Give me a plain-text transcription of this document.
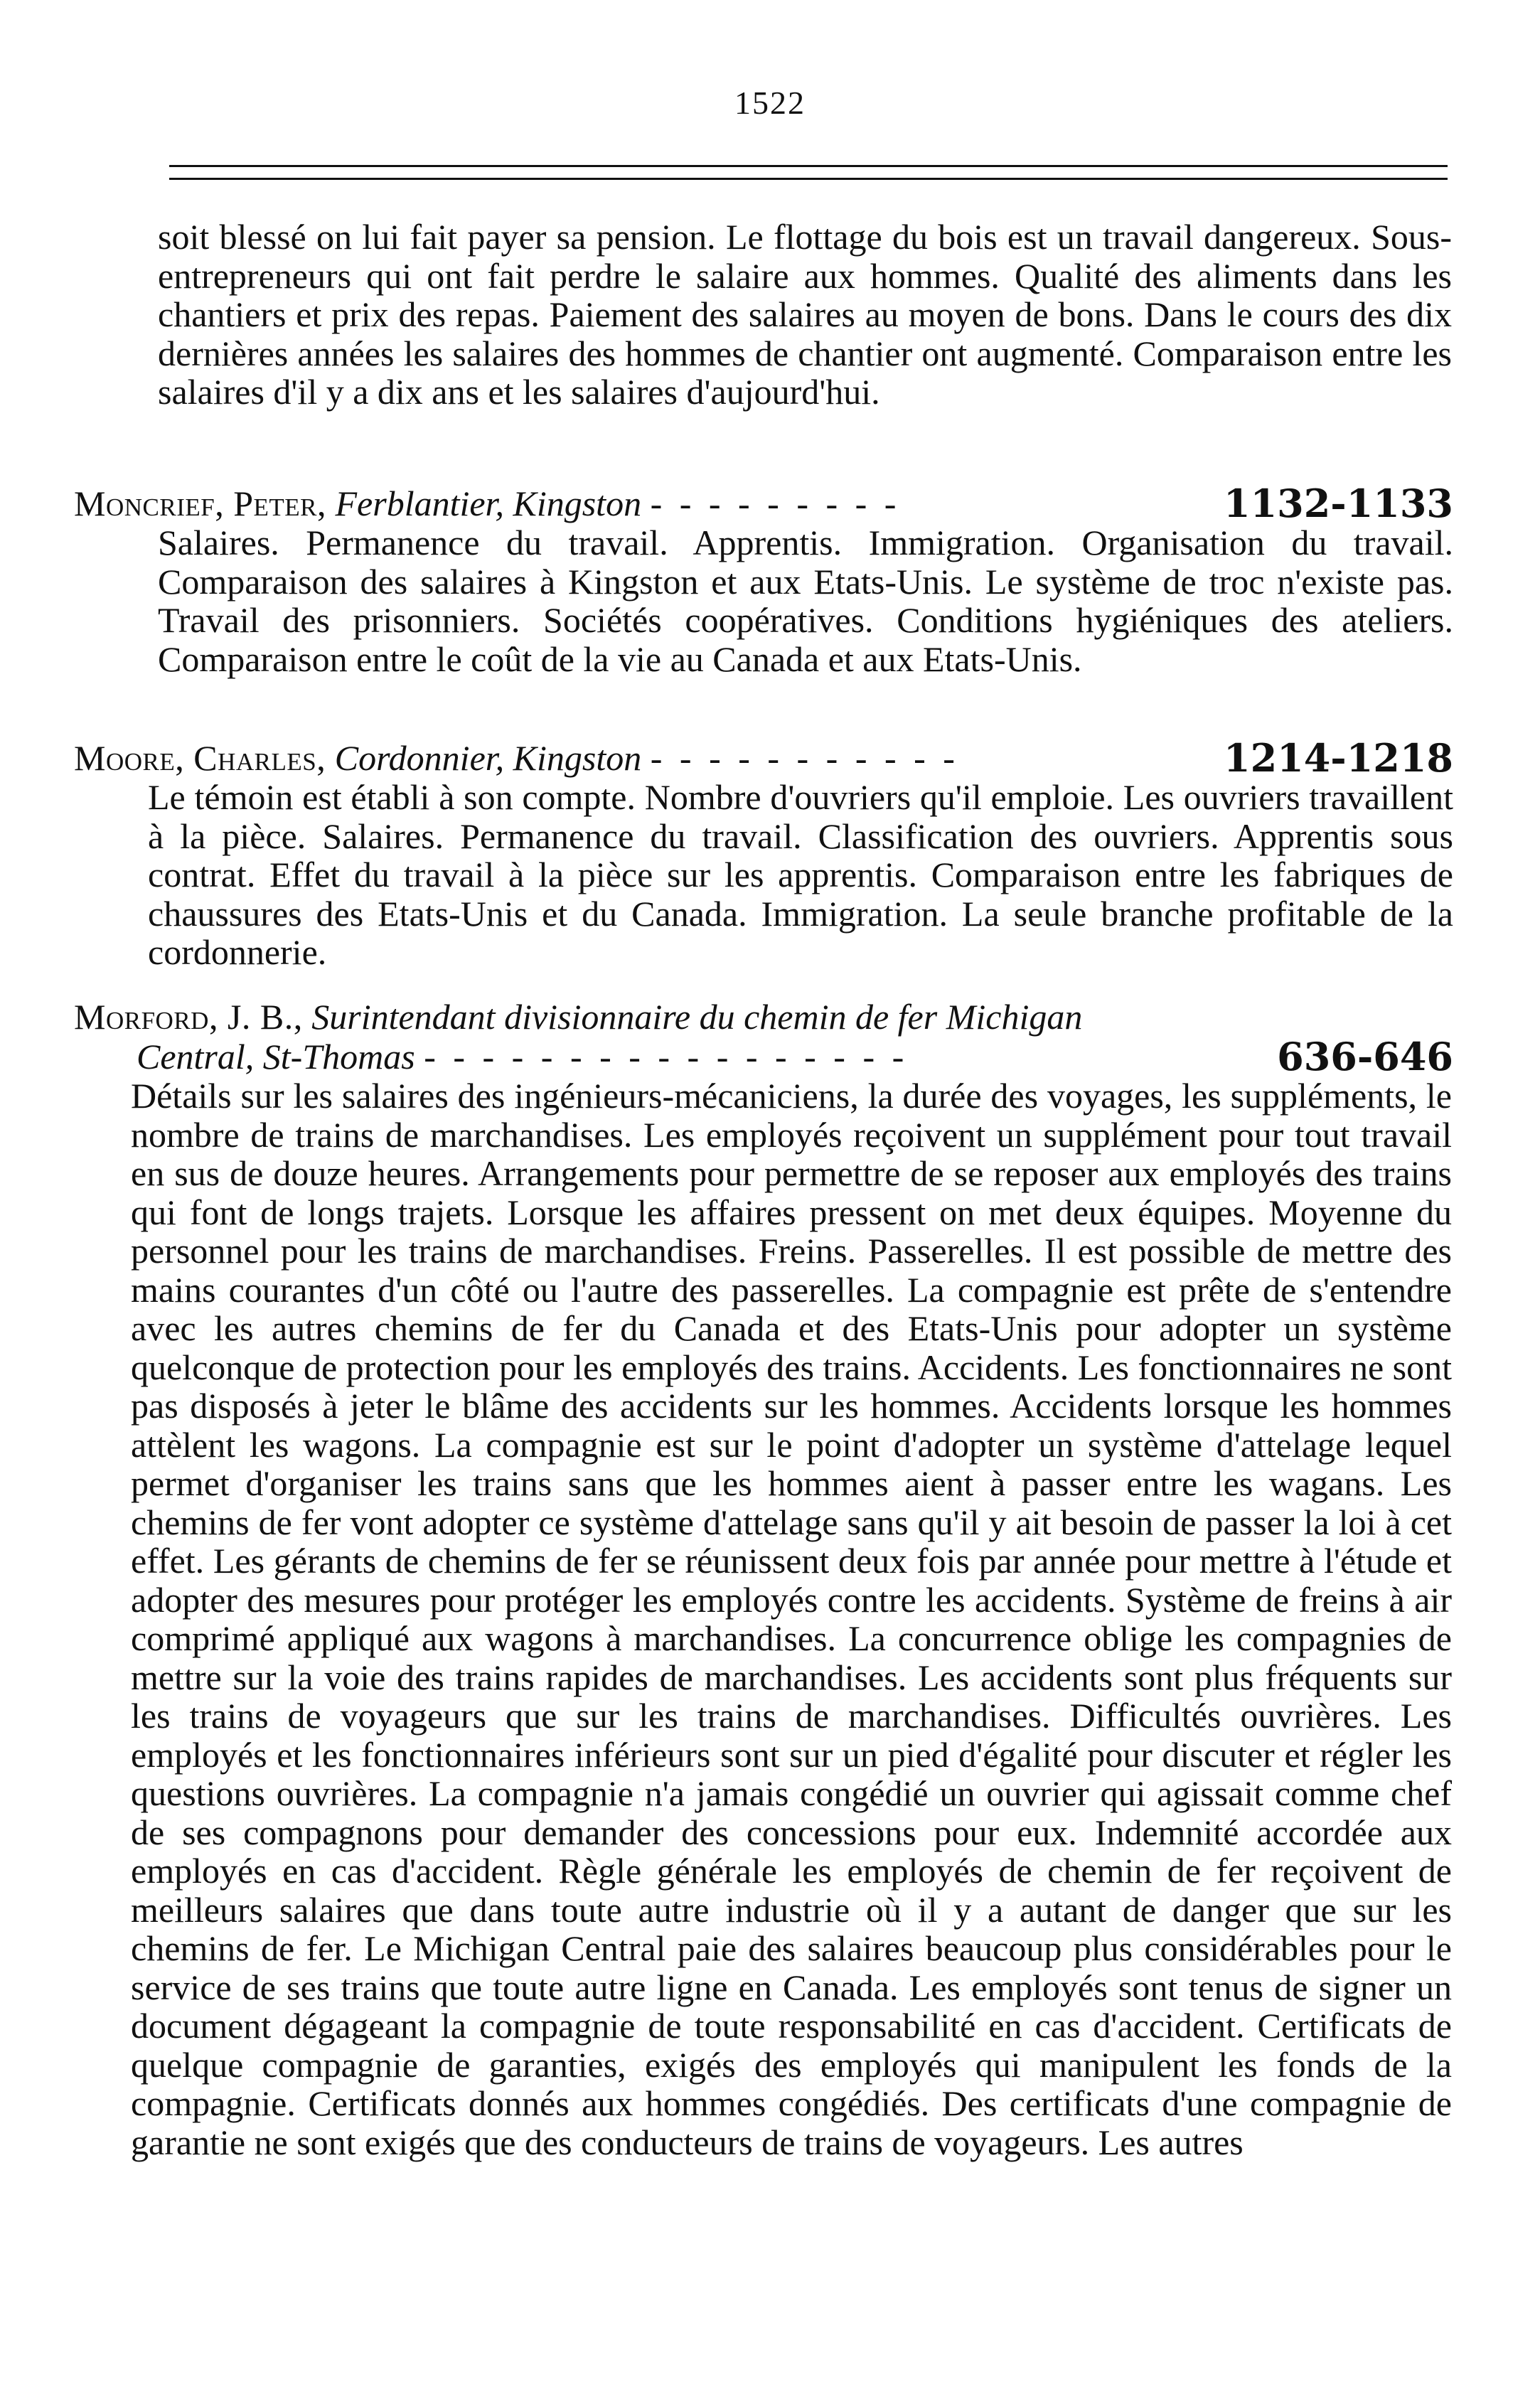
1522
soit blessé on lui fait payer sa pension. Le flottage du bois est un travail dangereux. Sous-entrepreneurs qui ont fait perdre le salaire aux hommes. Qualité des aliments dans les chantiers et prix des repas. Paiement des salaires au moyen de bons. Dans le cours des dix dernières années les salaires des hommes de chantier ont augmenté. Comparaison entre les salaires d'il y a dix ans et les salaires d'aujourd'hui.
Moncrief, Peter, Ferblantier, Kingston - - - - - - - - -	1132-1133
Salaires. Permanence du travail. Apprentis. Immigration. Organisation du travail. Comparaison des salaires à Kingston et aux Etats-Unis. Le système de troc n'existe pas. Travail des prisonniers. Sociétés coopératives. Conditions hygiéniques des ateliers. Comparaison entre le coût de la vie au Canada et aux Etats-Unis.
Moore, Charles, Cordonnier, Kingston - - - - - - - - - - -	1214-1218
Le témoin est établi à son compte. Nombre d'ouvriers qu'il emploie. Les ouvriers travaillent à la pièce. Salaires. Permanence du travail. Classification des ouvriers. Apprentis sous contrat. Effet du travail à la pièce sur les apprentis. Comparaison entre les fabriques de chaussures des Etats-Unis et du Canada. Immigration. La seule branche profitable de la cordonnerie.
Morford, J. B., Surintendant divisionnaire du chemin de fer Michigan
Central, St-Thomas - - - - - - - - - - - - - - - - -	636-646
Détails sur les salaires des ingénieurs-mécaniciens, la durée des voyages, les suppléments, le nombre de trains de marchandises. Les employés reçoivent un supplément pour tout travail en sus de douze heures. Arrangements pour permettre de se reposer aux employés des trains qui font de longs trajets. Lorsque les affaires pressent on met deux équipes. Moyenne du personnel pour les trains de marchandises. Freins. Passerelles. Il est possible de mettre des mains courantes d'un côté ou l'autre des passerelles. La compagnie est prête de s'entendre avec les autres chemins de fer du Canada et des Etats-Unis pour adopter un système quelconque de protection pour les employés des trains. Accidents. Les fonctionnaires ne sont pas disposés à jeter le blâme des accidents sur les hommes. Accidents lorsque les hommes attèlent les wagons. La compagnie est sur le point d'adopter un système d'attelage lequel permet d'organiser les trains sans que les hommes aient à passer entre les wagans. Les chemins de fer vont adopter ce système d'attelage sans qu'il y ait besoin de passer la loi à cet effet. Les gérants de chemins de fer se réunissent deux fois par année pour mettre à l'étude et adopter des mesures pour protéger les employés contre les accidents. Système de freins à air comprimé appliqué aux wagons à marchandises. La concurrence oblige les compagnies de mettre sur la voie des trains rapides de marchandises. Les accidents sont plus fréquents sur les trains de voyageurs que sur les trains de marchandises. Difficultés ouvrières. Les employés et les fonctionnaires inférieurs sont sur un pied d'égalité pour discuter et régler les questions ouvrières. La compagnie n'a jamais congédié un ouvrier qui agissait comme chef de ses compagnons pour demander des concessions pour eux. Indemnité accordée aux employés en cas d'accident. Règle générale les employés de chemin de fer reçoivent de meilleurs salaires que dans toute autre industrie où il y a autant de danger que sur les chemins de fer. Le Michigan Central paie des salaires beaucoup plus considérables pour le service de ses trains que toute autre ligne en Canada. Les employés sont tenus de signer un document dégageant la compagnie de toute responsabilité en cas d'accident. Certificats de quelque compagnie de garanties, exigés des employés qui manipulent les fonds de la compagnie. Certificats donnés aux hommes congédiés. Des certificats d'une compagnie de garantie ne sont exigés que des conducteurs de trains de voyageurs. Les autres
